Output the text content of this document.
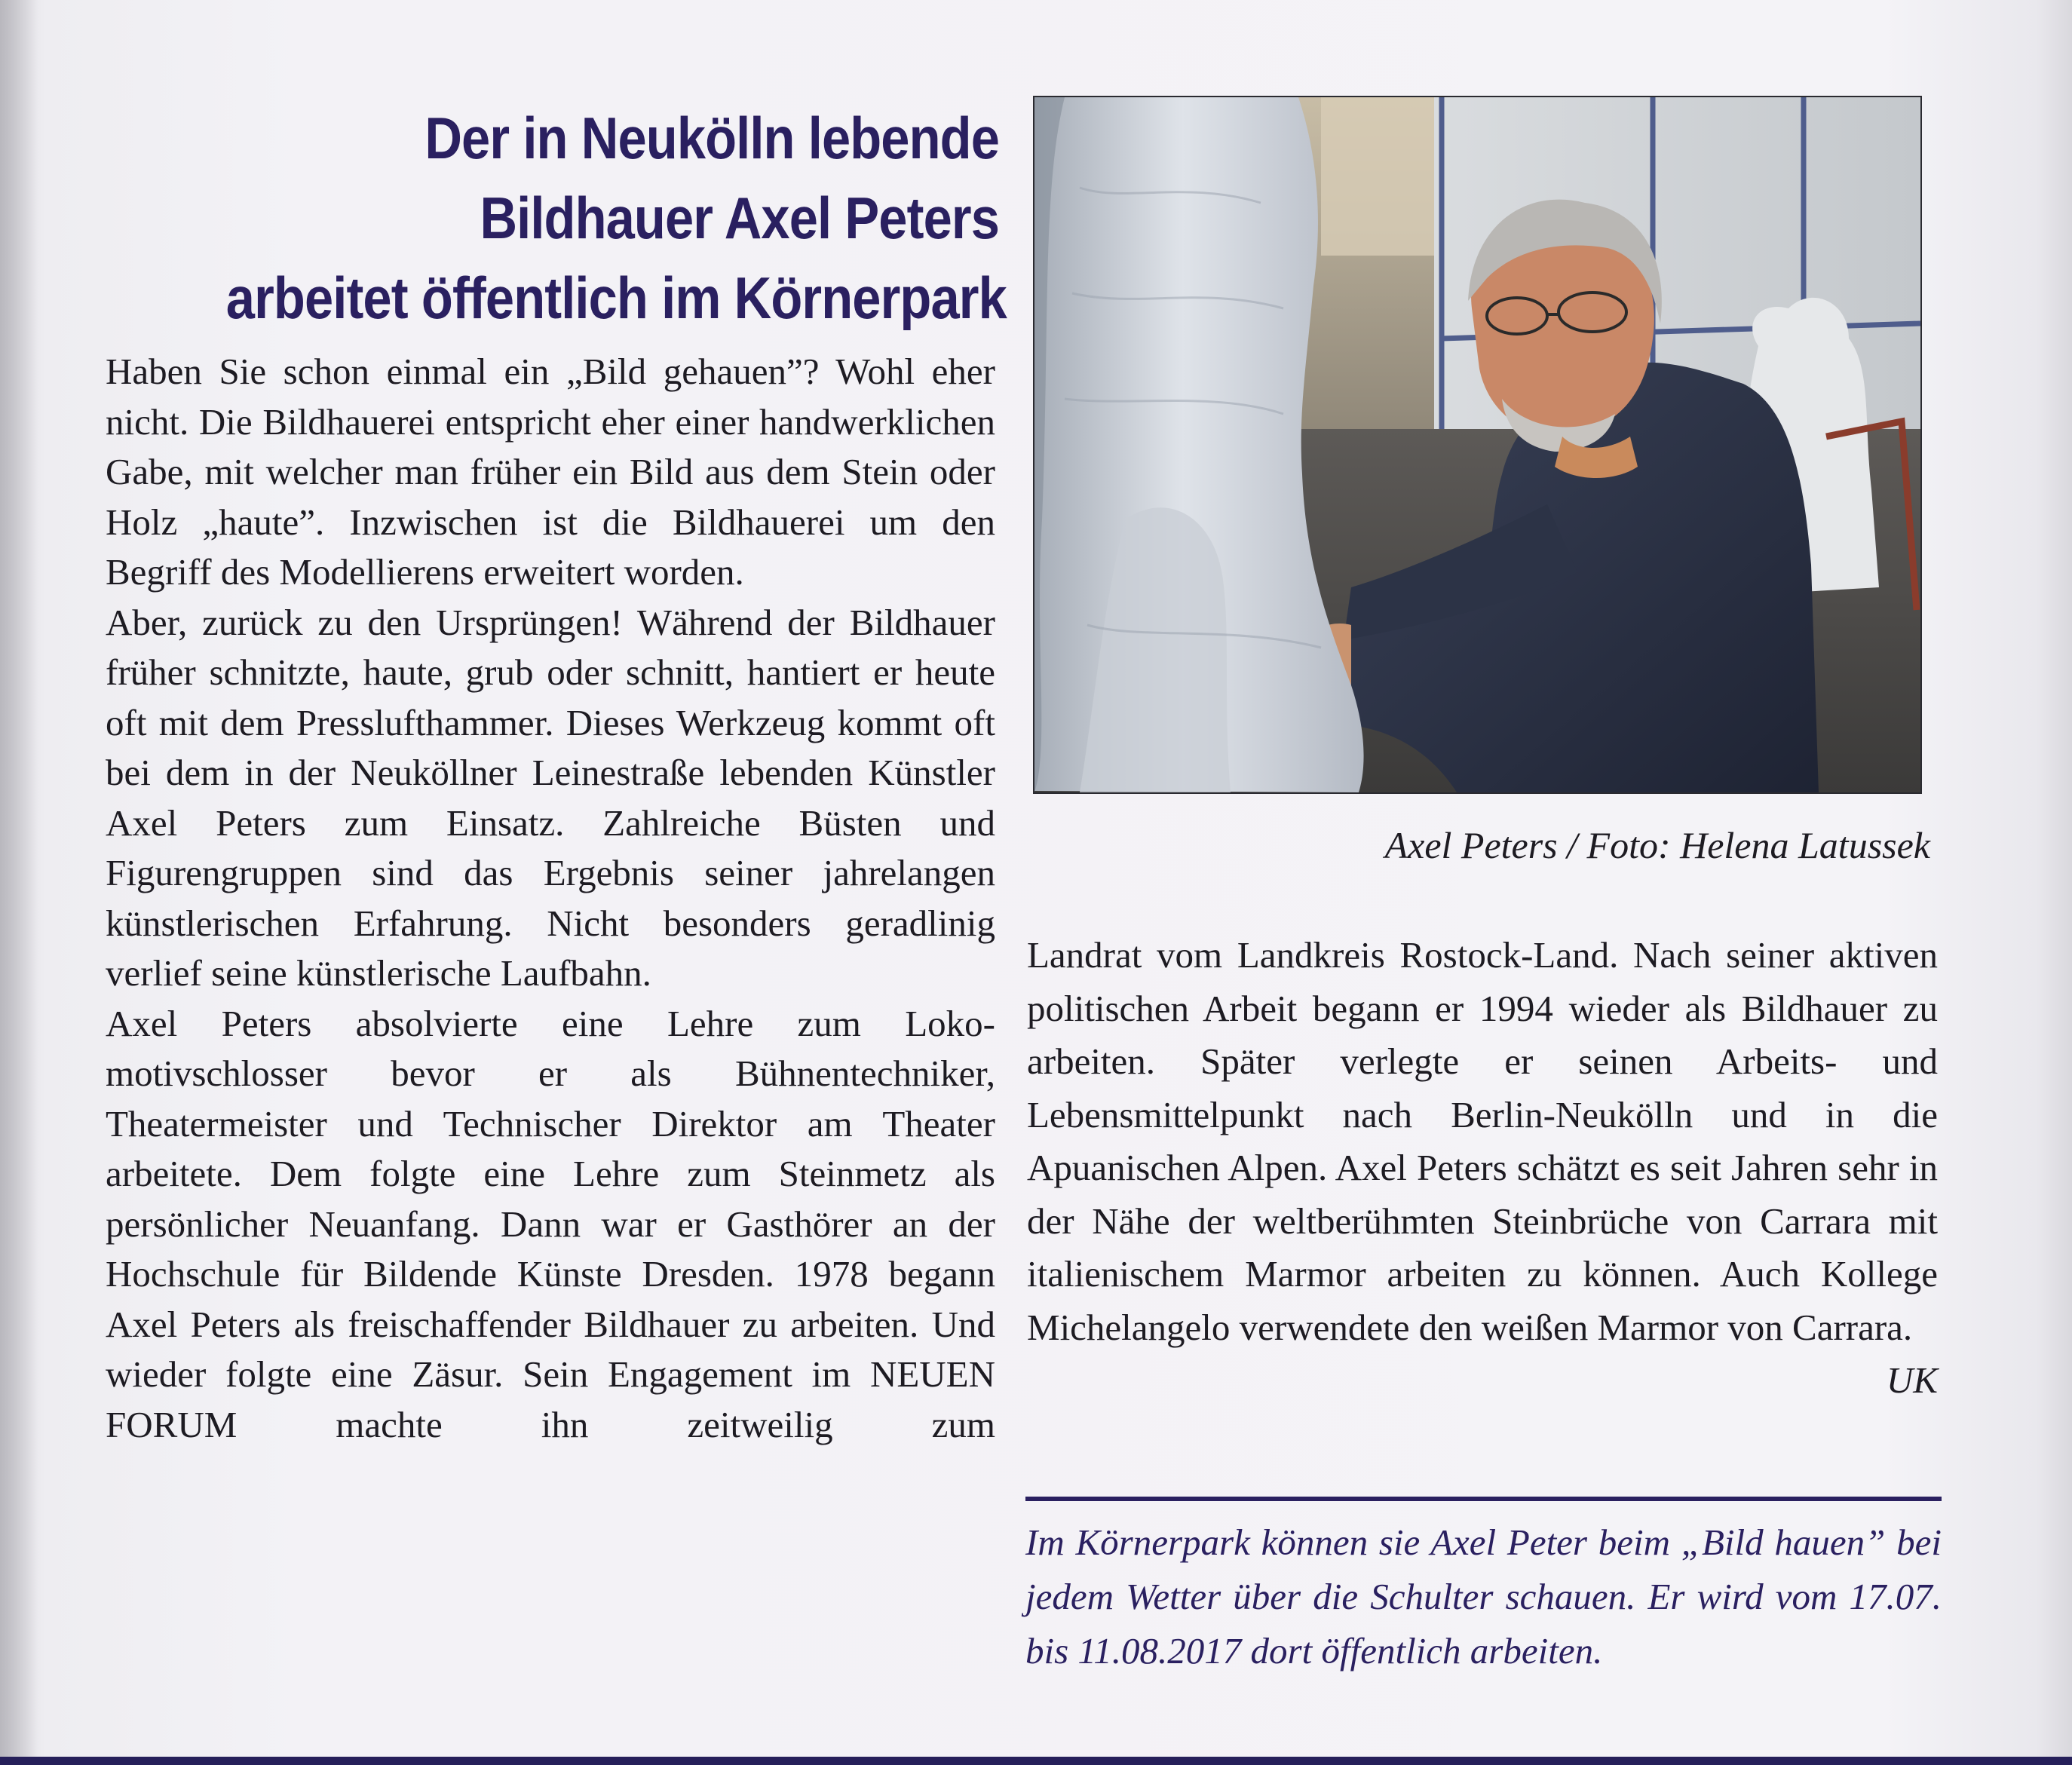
Der in Neukölln lebende
Bildhauer Axel Peters
arbeitet öffentlich im Körnerpark

Haben Sie schon einmal ein „Bild gehauen”? Wohl eher nicht. Die Bildhauerei entspricht eher einer handwerklichen Gabe, mit welcher man früher ein Bild aus dem Stein oder Holz „haute”. Inzwischen ist die Bildhauerei um den Begriff des Modellierens erweitert worden.

Aber, zurück zu den Ursprüngen! Während der Bildhauer früher schnitzte, haute, grub oder schnitt, hantiert er heute oft mit dem Presslufthammer. Dieses Werkzeug kommt oft bei dem in der Neuköllner Leinestraße lebenden Künstler Axel Peters zum Einsatz. Zahlreiche Büsten und Figurengruppen sind das Ergebnis seiner jahrelangen künstlerischen Erfahrung. Nicht besonders geradlinig verlief seine künstlerische Laufbahn.

Axel Peters absolvierte eine Lehre zum Lokomotivschlosser bevor er als Bühnentechniker, Theatermeister und Technischer Direktor am Theater arbeitete. Dem folgte eine Lehre zum Steinmetz als persönlicher Neuanfang. Dann war er Gasthörer an der Hochschule für Bildende Künste Dresden. 1978 begann Axel Peters als freischaffender Bildhauer zu arbeiten. Und wieder folgte eine Zäsur. Sein Engagement im NEUEN FORUM machte ihn zeitweilig zum

Axel Peters / Foto: Helena Latussek

Landrat vom Landkreis Rostock-Land. Nach seiner aktiven politischen Arbeit begann er 1994 wieder als Bildhauer zu arbeiten. Später verlegte er seinen Arbeits- und Lebensmittelpunkt nach Berlin-Neukölln und in die Apuanischen Alpen. Axel Peters schätzt es seit Jahren sehr in der Nähe der weltberühmten Steinbrüche von Carrara mit italienischem Marmor arbeiten zu können. Auch Kollege Michelangelo verwendete den weißen Marmor von Carrara.
UK

Im Körnerpark können sie Axel Peter beim „Bild hauen” bei jedem Wetter über die Schulter schauen. Er wird vom 17.07. bis 11.08.2017 dort öffentlich arbeiten.
